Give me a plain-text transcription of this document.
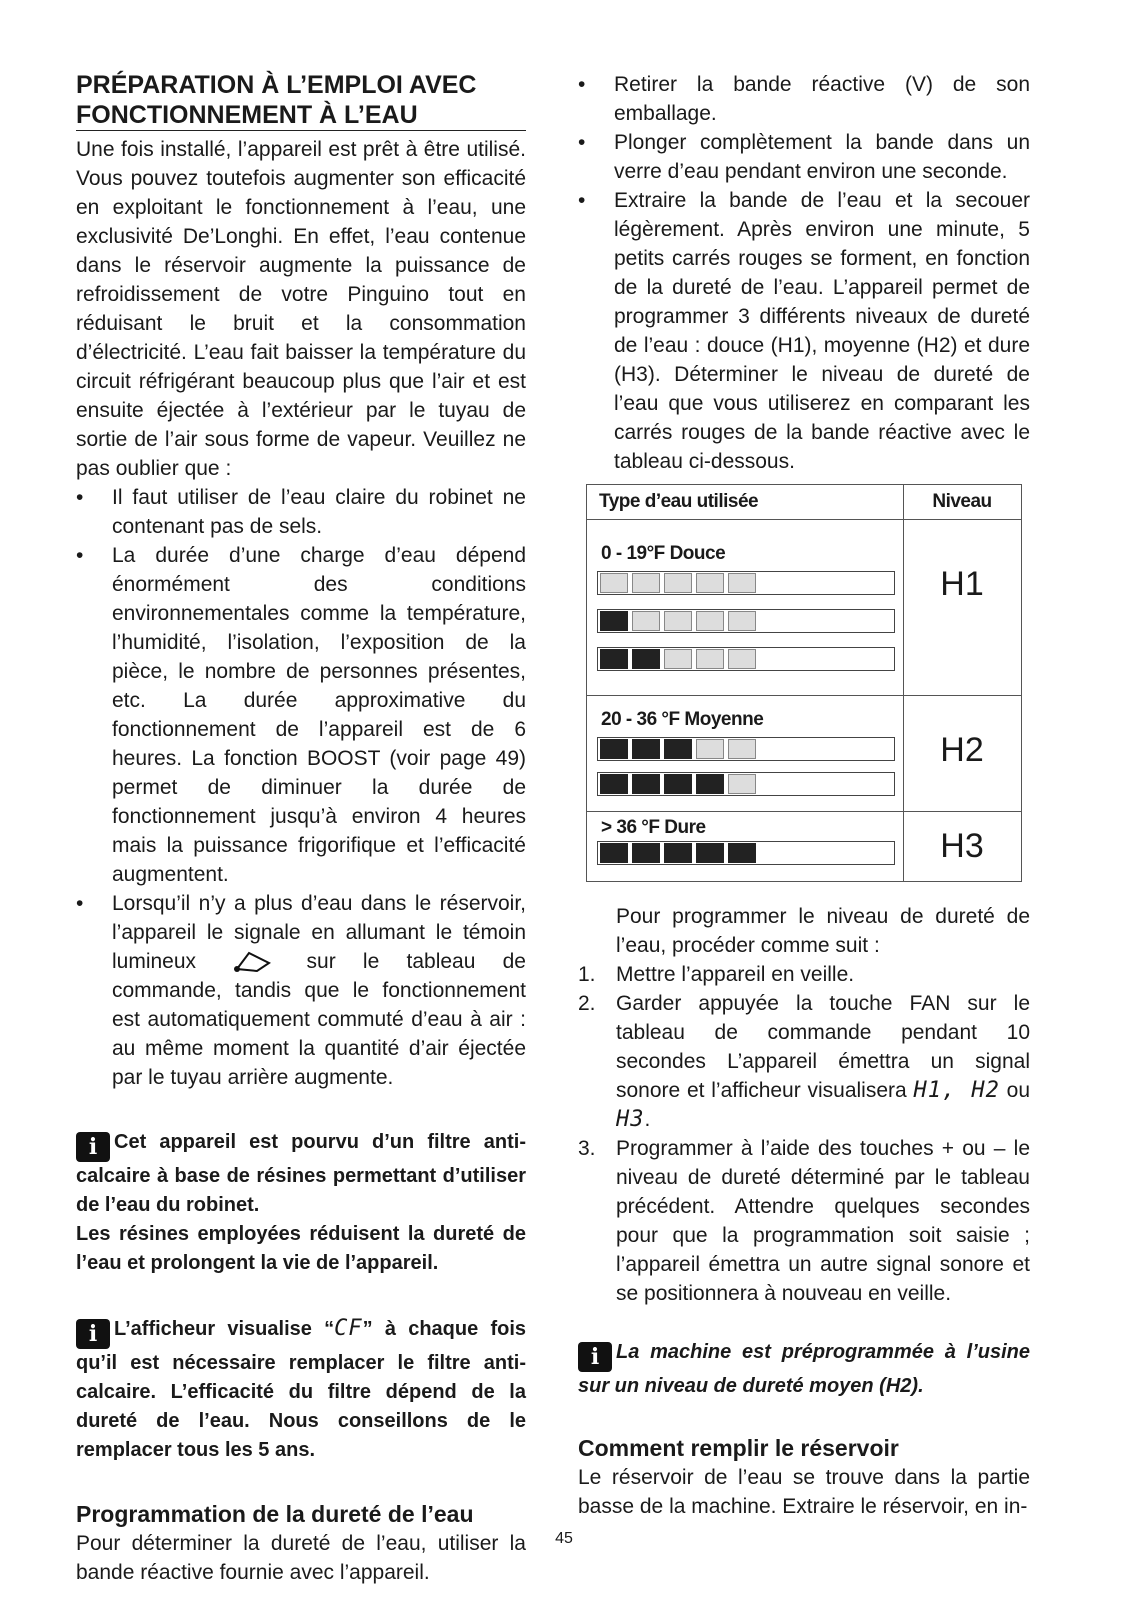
PRÉPARATION À L’EMPLOI AVEC
FONCTIONNEMENT À L’EAU

Une fois installé, l’appareil est prêt à être utilisé. Vous pouvez toutefois augmenter son efficacité en exploitant le fonctionnement à l’eau, une exclusivité De’Longhi. En effet, l’eau contenue dans le réservoir augmente la puissance de refroidissement de votre Pinguino tout en réduisant le bruit et la consommation d’électricité. L’eau fait baisser la température du circuit réfrigérant beaucoup plus que l’air et est ensuite éjectée à l’extérieur par le tuyau de sortie de l’air sous forme de vapeur. Veuillez ne pas oublier que :

• Il faut utiliser de l’eau claire du robinet ne contenant pas de sels.
• La durée d’une charge d’eau dépend énormément des conditions environnementales comme la température, l’humidité, l’isolation, l’exposition de la pièce, le nombre de personnes présentes, etc. La durée approximative du fonctionnement de l’appareil est de 6 heures. La fonction BOOST (voir page 49) permet de diminuer la durée de fonctionnement jusqu’à environ 4 heures mais la puissance frigorifique et l’efficacité augmentent.
• Lorsqu’il n’y a plus d’eau dans le réservoir, l’appareil le signale en allumant le témoin lumineux	sur le tableau de commande, tandis que le fonctionnement est automatiquement commuté d’eau à air : au même moment la quantité d’air éjectée par le tuyau arrière augmente.

i Cet appareil est pourvu d’un filtre anti-calcaire à base de résines permettant d’utiliser de l’eau du robinet.
Les résines employées réduisent la dureté de l’eau et prolongent la vie de l’appareil.

i L’afficheur visualise “CF” à chaque fois qu’il est nécessaire remplacer le filtre anti-calcaire. L’efficacité du filtre dépend de la dureté de l’eau. Nous conseillons de le remplacer tous les 5 ans.

Programmation de la dureté de l’eau

Pour déterminer la dureté de l’eau, utiliser la bande réactive fournie avec l’appareil.

• Retirer la bande réactive (V) de son emballage.
• Plonger complètement la bande dans un verre d’eau pendant environ une seconde.
• Extraire la bande de l’eau et la secouer légèrement. Après environ une minute, 5 petits carrés rouges se forment, en fonction de la dureté de l’eau. L’appareil permet de programmer 3 différents niveaux de dureté de l’eau : douce (H1), moyenne (H2) et dure (H3). Déterminer le niveau de dureté de l’eau que vous utiliserez en comparant les carrés rouges de la bande réactive avec le tableau ci-dessous.
Type d’eau utilisée	Niveau
0 - 19°F Douce
20 - 36 °F Moyenne
> 36 °F Dure
H1
H2
H3

Pour programmer le niveau de dureté de l’eau, procéder comme suit :

1. Mettre l’appareil en veille.
2. Garder appuyée la touche FAN sur le tableau de commande pendant 10 secondes L’appareil émettra un signal sonore et l’afficheur visualisera H1, H2 ou H3.
3. Programmer à l’aide des touches + ou – le niveau de dureté déterminé par le tableau précédent. Attendre quelques secondes pour que la programmation soit saisie ; l’appareil émettra un autre signal sonore et se positionnera à nouveau en veille.

i La machine est préprogrammée à l’usine sur un niveau de dureté moyen (H2).

Comment remplir le réservoir

Le réservoir de l’eau se trouve dans la partie basse de la machine. Extraire le réservoir, en in-

45
